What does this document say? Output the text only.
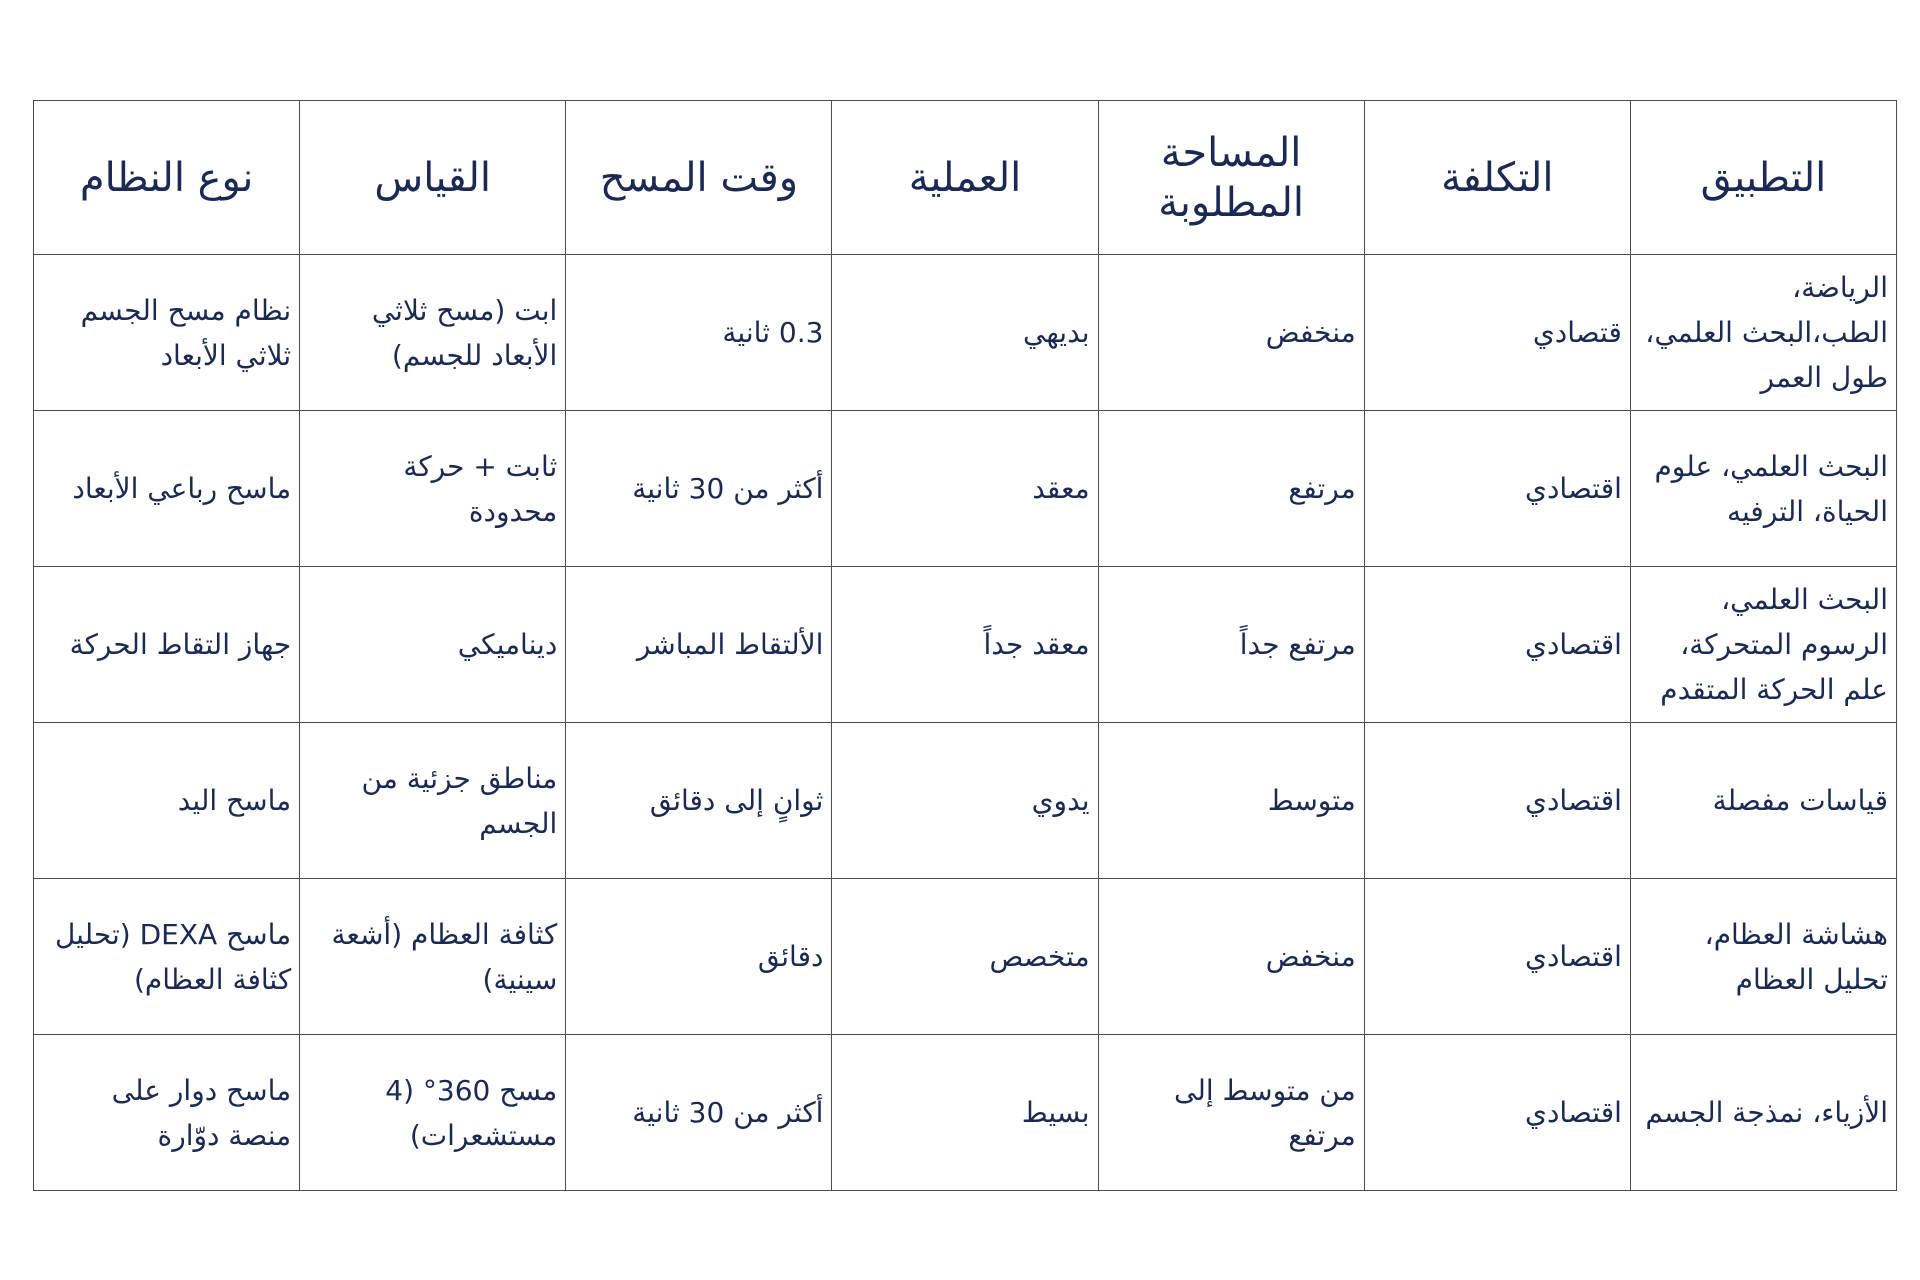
التطبيق	التكلفة	المساحة المطلوبة	العملية	وقت المسح	القياس	نوع النظام
الرياضة، الطب،البحث العلمي، طول العمر	قتصادي	منخفض	بديهي	0.3 ثانية	ابت (مسح ثلاثي الأبعاد للجسم)	نظام مسح الجسم ثلاثي الأبعاد
البحث العلمي، علوم الحياة، الترفيه	اقتصادي	مرتفع	معقد	أكثر من 30 ثانية	ثابت + حركة محدودة	ماسح رباعي الأبعاد
البحث العلمي، الرسوم المتحركة، علم الحركة المتقدم	اقتصادي	مرتفع جداً	معقد جداً	الألتقاط المباشر	ديناميكي	جهاز التقاط الحركة
قياسات مفصلة	اقتصادي	متوسط	يدوي	ثوانٍ إلى دقائق	مناطق جزئية من الجسم	ماسح اليد
هشاشة العظام، تحليل العظام	اقتصادي	منخفض	متخصص	دقائق	كثافة العظام (أشعة سينية)	ماسح DEXA (تحليل كثافة العظام)
الأزياء، نمذجة الجسم	اقتصادي	من متوسط إلى مرتفع	بسيط	أكثر من 30 ثانية	مسح 360° (4 مستشعرات)	ماسح دوار على منصة دوّارة
